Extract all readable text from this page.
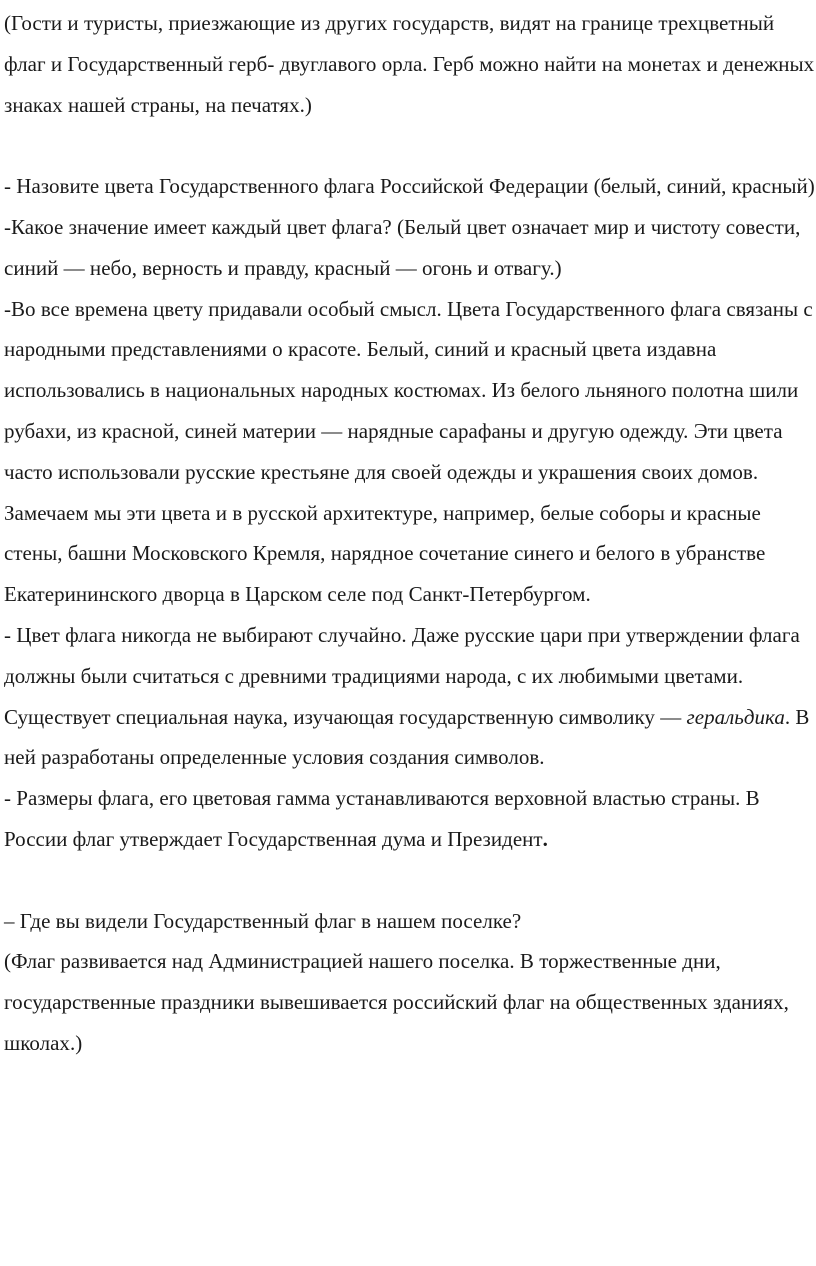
(Гости и туристы, приезжающие из других государств, видят на границе трехцветный флаг и Государственный герб- двуглавого орла. Герб можно найти на монетах и денежных знаках нашей страны, на печатях.)

- Назовите цвета Государственного флага Российской Федерации (белый, синий, красный)

-Какое значение имеет каждый цвет флага? (Белый цвет означает мир и чистоту совести, синий — небо, верность и правду, красный — огонь и отвагу.)

-Во все времена цвету придавали особый смысл. Цвета Государственного флага связаны с народными представлениями о красоте. Белый, синий и красный цвета издавна использовались в национальных народных костюмах. Из белого льняного полотна шили рубахи, из красной, синей материи — нарядные сарафаны и другую одежду. Эти цвета часто использовали русские крестьяне для своей одежды и украшения своих домов. Замечаем мы эти цвета и в русской архитектуре, например, белые соборы и красные стены, башни Московского Кремля, нарядное сочетание синего и белого в убранстве Екатерининского дворца в Царском селе под Санкт-Петербургом.

- Цвет флага никогда не выбирают случайно. Даже русские цари при утверждении флага должны были считаться с древними традициями народа, с их любимыми цветами. Существует специальная наука, изучающая государственную символику — геральдика. В ней разработаны определенные условия создания символов.

- Размеры флага, его цветовая гамма устанавливаются верховной властью страны. В России флаг утверждает Государственная дума и Президент.

– Где вы видели Государственный флаг в нашем поселке?

(Флаг развивается над Администрацией нашего поселка. В торжественные дни, государственные праздники вывешивается российский флаг на общественных зданиях, школах.)
